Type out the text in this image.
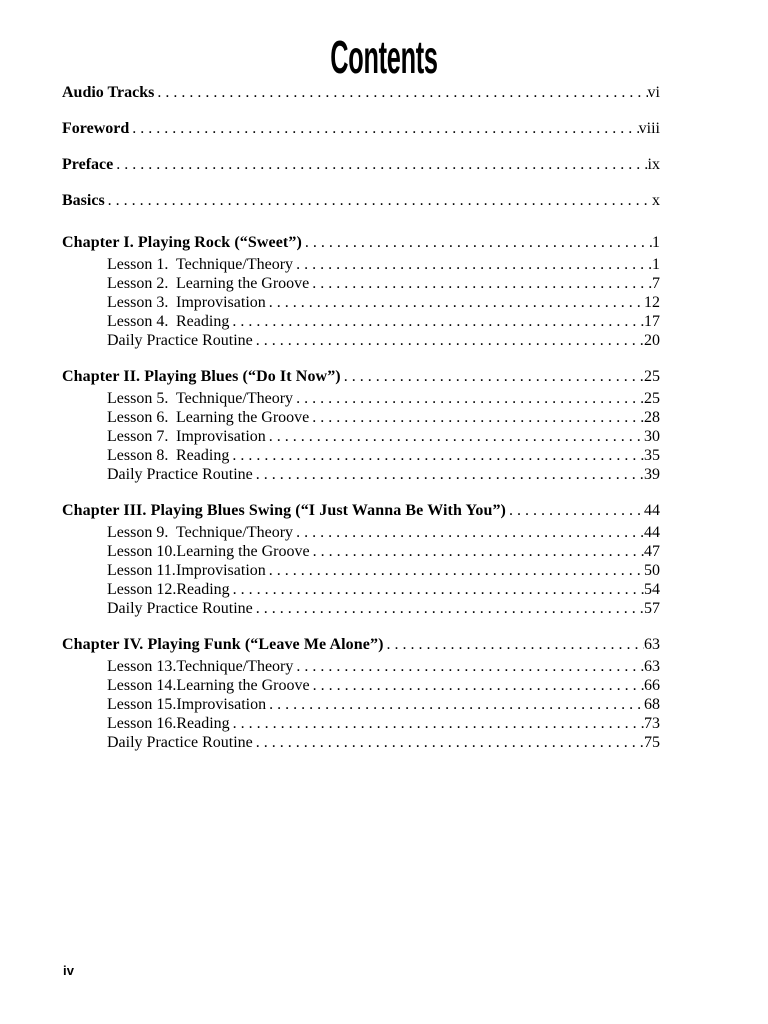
Contents
Audio Tracks . . .	vi
Foreword . . .	viii
Preface . . .	ix
Basics . . .	x
Chapter I. Playing Rock (“Sweet”) . . .	1
Lesson 1. Technique/Theory . . .	1
Lesson 2. Learning the Groove . . .	7
Lesson 3. Improvisation . . .	12
Lesson 4. Reading . . .	17
Daily Practice Routine . . .	20
Chapter II. Playing Blues (“Do It Now”) . . .	25
Lesson 5. Technique/Theory . . .	25
Lesson 6. Learning the Groove . . .	28
Lesson 7. Improvisation . . .	30
Lesson 8. Reading . . .	35
Daily Practice Routine . . .	39
Chapter III. Playing Blues Swing (“I Just Wanna Be With You”) . . .	44
Lesson 9. Technique/Theory . . .	44
Lesson 10. Learning the Groove . . .	47
Lesson 11. Improvisation . . .	50
Lesson 12. Reading . . .	54
Daily Practice Routine . . .	57
Chapter IV. Playing Funk (“Leave Me Alone”) . . .	63
Lesson 13. Technique/Theory . . .	63
Lesson 14. Learning the Groove . . .	66
Lesson 15. Improvisation . . .	68
Lesson 16. Reading . . .	73
Daily Practice Routine . . .	75
iv
